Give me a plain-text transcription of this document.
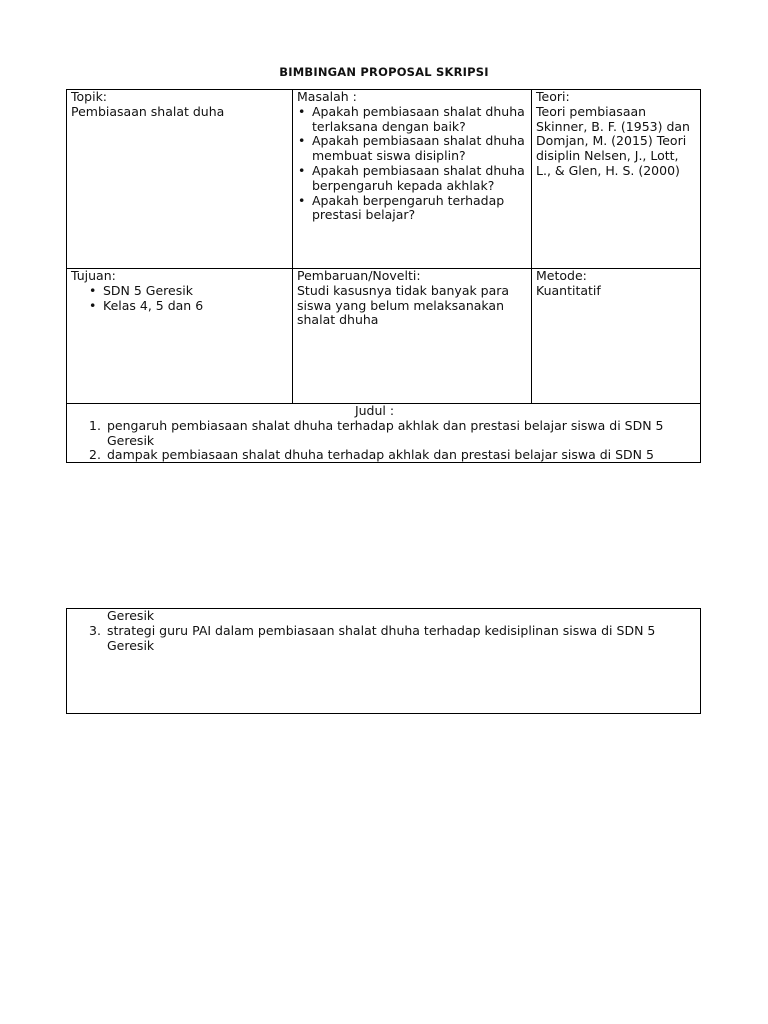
BIMBINGAN PROPOSAL SKRIPSI
Topik:
Pembiasaan shalat duha
Masalah :
• Apakah pembiasaan shalat dhuha terlaksana dengan baik?
• Apakah pembiasaan shalat dhuha membuat siswa disiplin?
• Apakah pembiasaan shalat dhuha berpengaruh kepada akhlak?
• Apakah berpengaruh terhadap prestasi belajar?
Teori:
Teori pembiasaan Skinner, B. F. (1953) dan Domjan, M. (2015) Teori disiplin Nelsen, J., Lott, L., & Glen, H. S. (2000)
Tujuan:
• SDN 5 Geresik
• Kelas 4, 5 dan 6
Pembaruan/Novelti:
Studi kasusnya tidak banyak para siswa yang belum melaksanakan shalat dhuha
Metode:
Kuantitatif
Judul :
1. pengaruh pembiasaan shalat dhuha terhadap akhlak dan prestasi belajar siswa di SDN 5 Geresik
2. dampak pembiasaan shalat dhuha terhadap akhlak dan prestasi belajar siswa di SDN 5
Geresik
3. strategi guru PAI dalam pembiasaan shalat dhuha terhadap kedisiplinan siswa di SDN 5 Geresik
